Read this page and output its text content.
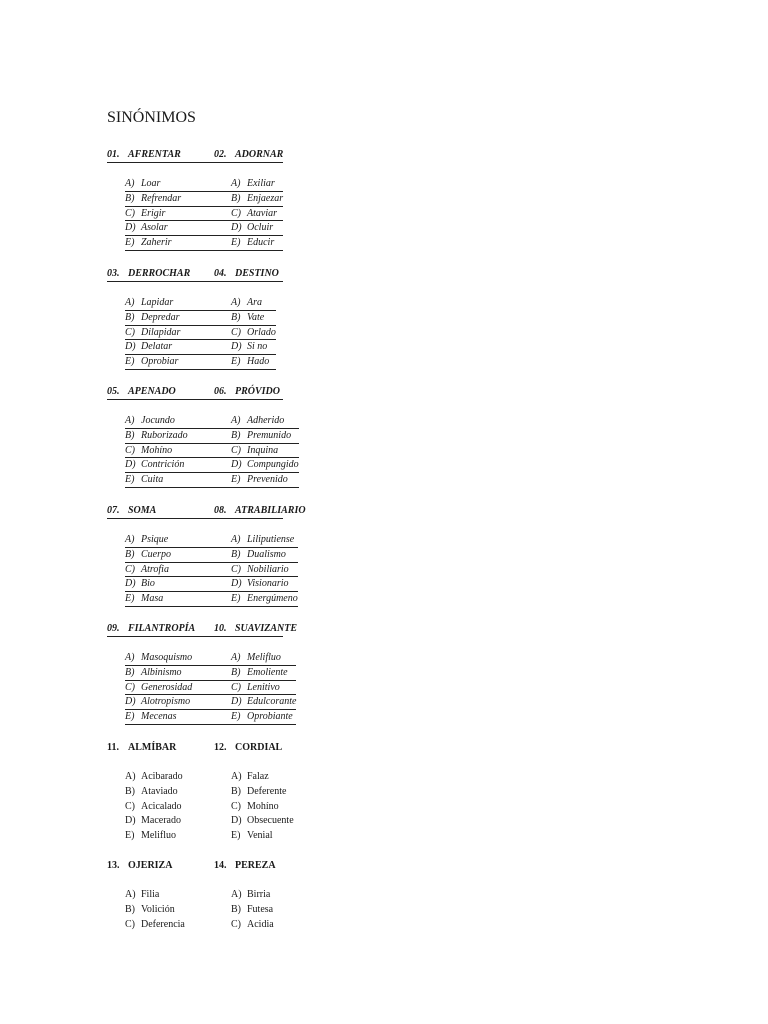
SINÓNIMOS
01. AFRENTAR
A) Loar
B) Refrendar
C) Erigir
D) Asolar
E) Zaherir
02. ADORNAR
A) Exiliar
B) Enjaezar
C) Ataviar
D) Ocluir
E) Educir
03. DERROCHAR
A) Lapidar
B) Depredar
C) Dilapidar
D) Delatar
E) Oprobiar
04. DESTINO
A) Ara
B) Vate
C) Orlado
D) Si no
E) Hado
05. APENADO
A) Jocundo
B) Ruborizado
C) Mohíno
D) Contrición
E) Cuita
06. PRÓVIDO
A) Adherido
B) Premunido
C) Inquina
D) Compungido
E) Prevenido
07. SOMA
A) Psique
B) Cuerpo
C) Atrofia
D) Bio
E) Masa
08. ATRABILIARIO
A) Liliputiense
B) Dualismo
C) Nobiliario
D) Visionario
E) Energúmeno
09. FILANTROPÍA
A) Masoquismo
B) Albinismo
C) Generosidad
D) Alotropismo
E) Mecenas
10. SUAVIZANTE
A) Melifluo
B) Emoliente
C) Lenitivo
D) Edulcorante
E) Oprobiante
11. ALMÍBAR
A) Acibarado
B) Ataviado
C) Acicalado
D) Macerado
E) Melifluo
12. CORDIAL
A) Falaz
B) Deferente
C) Mohíno
D) Obsecuente
E) Venial
13. OJERIZA
A) Filia
B) Volición
C) Deferencia
14. PEREZA
A) Birria
B) Futesa
C) Acidia
